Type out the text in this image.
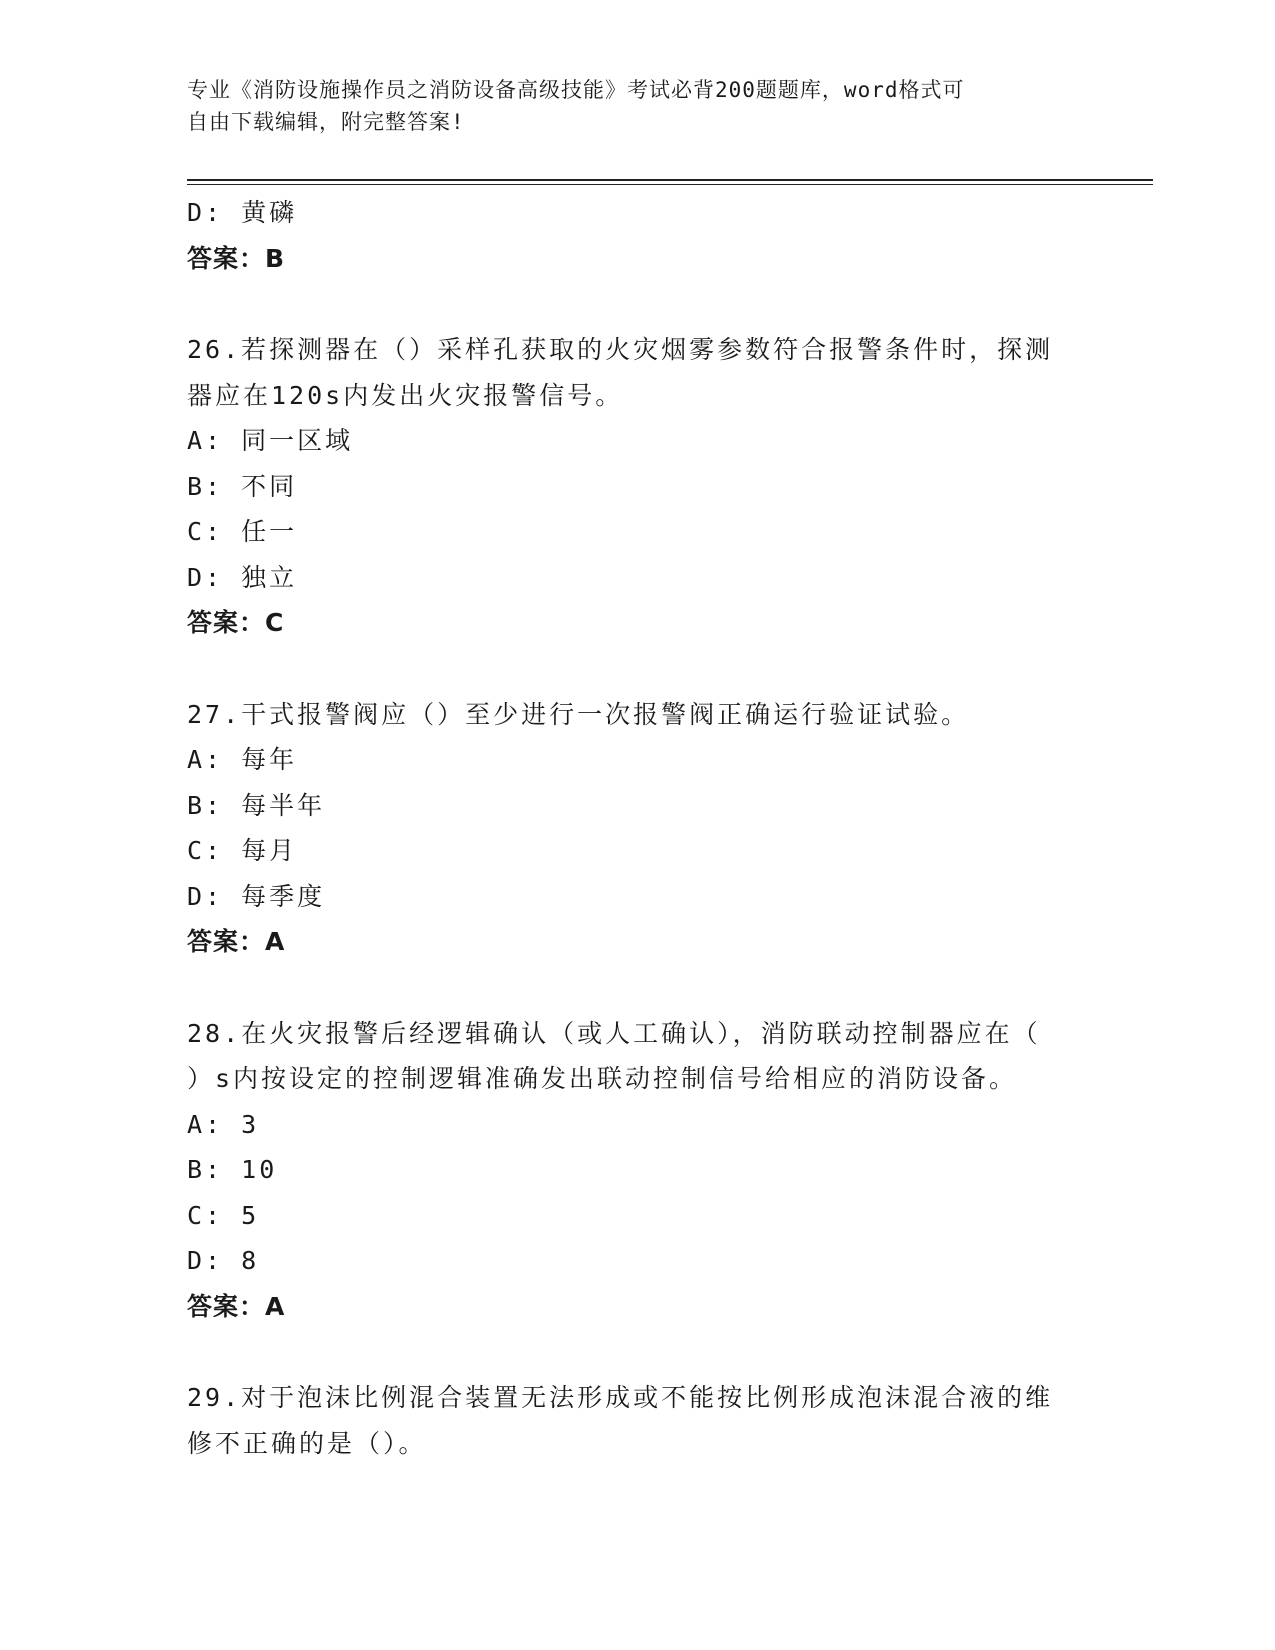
专业《消防设施操作员之消防设备高级技能》考试必背200题题库，word格式可
自由下载编辑，附完整答案!
D: 黄磷
答案：B
26.若探测器在（）采样孔获取的火灾烟雾参数符合报警条件时，探测
器应在120s内发出火灾报警信号。
A: 同一区域
B: 不同
C: 任一
D: 独立
答案：C
27.干式报警阀应（）至少进行一次报警阀正确运行验证试验。
A: 每年
B: 每半年
C: 每月
D: 每季度
答案：A
28.在火灾报警后经逻辑确认（或人工确认），消防联动控制器应在（
）s内按设定的控制逻辑准确发出联动控制信号给相应的消防设备。
A: 3
B: 10
C: 5
D: 8
答案：A
29.对于泡沫比例混合装置无法形成或不能按比例形成泡沫混合液的维
修不正确的是（）。
